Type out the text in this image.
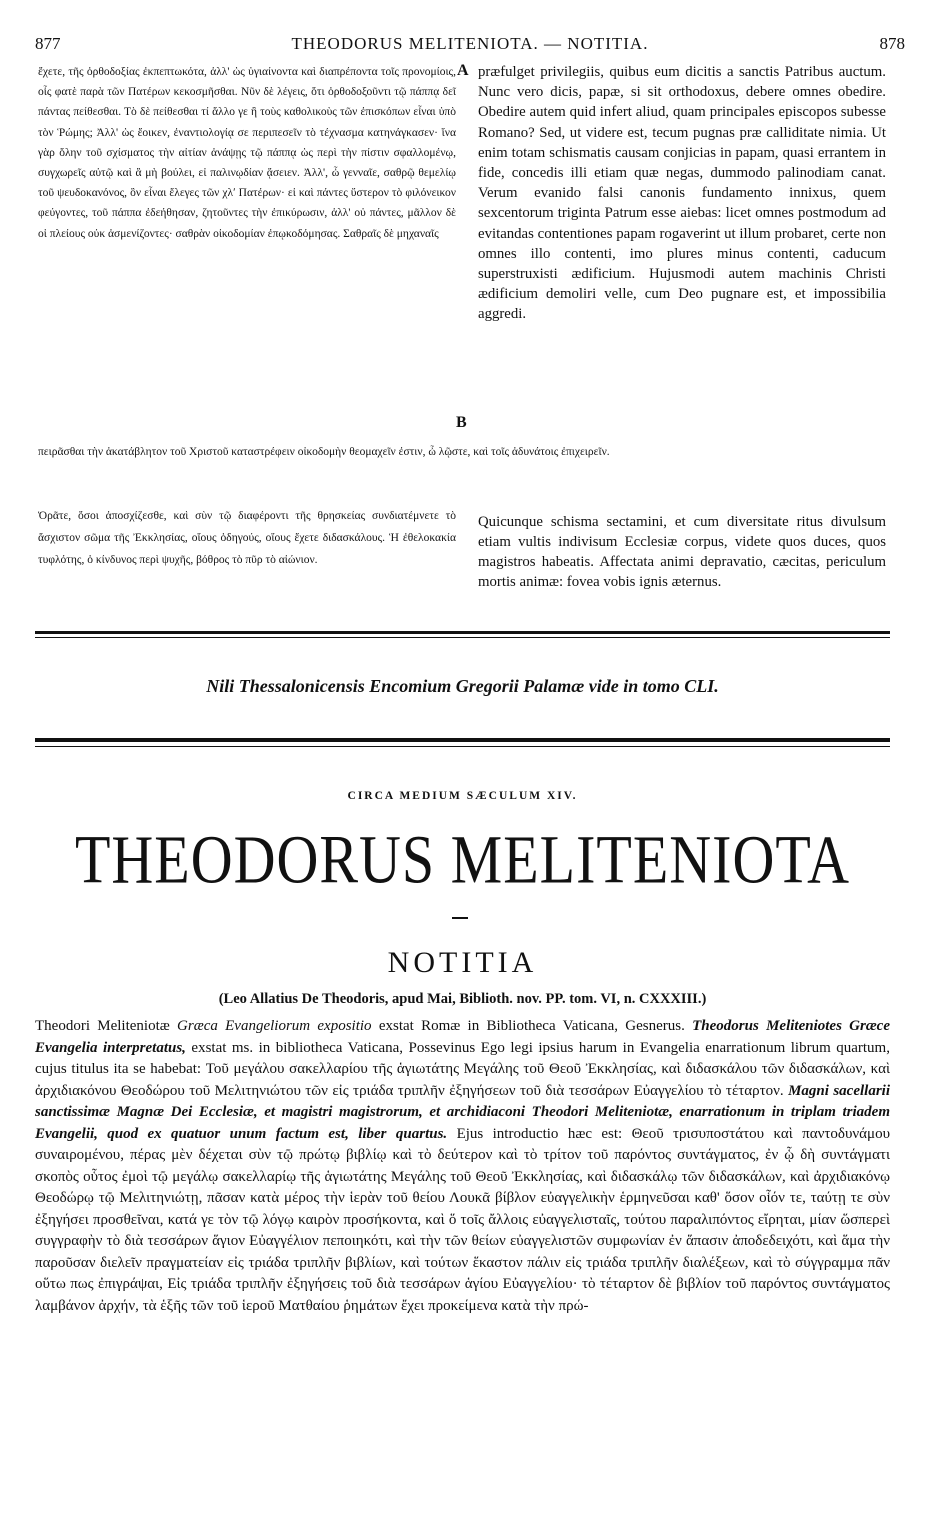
877	THEODORUS MELITENIOTA. — NOTITIA.	878

ἔχετε, τῆς ὀρθοδοξίας ἐκπεπτωκότα, ἀλλ' ὡς ὑγιαίνοντα καὶ διαπρέποντα τοῖς προνομίοις, οἷς φατὲ παρὰ τῶν Πατέρων κεκοσμῆσθαι. Νῦν δὲ λέγεις, ὅτι ὀρθοδοξοῦντι τῷ πάππᾳ δεῖ πάντας πείθεσθαι. Τὸ δὲ πείθεσθαι τί ἄλλο γε ἢ τοὺς καθολικοὺς τῶν ἐπισκόπων εἶναι ὑπὸ τὸν Ῥώμης; Ἀλλ' ὡς ἔοικεν, ἐναντιολογίᾳ σε περιπεσεῖν τὸ τέχνασμα κατηνάγκασεν· ἵνα γὰρ ὅλην τοῦ σχίσματος τὴν αἰτίαν ἀνάψῃς τῷ πάππᾳ ὡς περὶ τὴν πίστιν σφαλλομένῳ, συγχωρεῖς αὐτῷ καὶ ἃ μὴ βούλει, εἰ παλινῳδίαν ᾄσειεν. Ἀλλ', ὦ γενναῖε, σαθρῷ θεμελίῳ τοῦ ψευδοκανόνος, ὃν εἶναι ἔλεγες τῶν χλʹ Πατέρων· εἰ καὶ πάντες ὕστερον τὸ φιλόνεικον φεύγοντες, τοῦ πάππα ἐδεήθησαν, ζητοῦντες τὴν ἐπικύρωσιν, ἀλλ' οὐ πάντες, μᾶλλον δὲ οἱ πλείους οὐκ ἀσμενίζοντες· σαθρὰν οἰκοδομίαν ἐπῳκοδόμησας. Σαθραῖς δὲ μηχαναῖς

A præfulget privilegiis, quibus eum dicitis a sanctis Patribus auctum. Nunc vero dicis, papæ, si sit orthodoxus, debere omnes obedire. Obedire autem quid infert aliud, quam principales episcopos subesse Romano? Sed, ut videre est, tecum pugnas præ calliditate nimia. Ut enim totam schismatis causam conjicias in papam, quasi errantem in fide, concedis illi etiam quæ negas, dummodo palinodiam canat. Verum evanido falsi canonis fundamento innixus, quem sexcentorum triginta Patrum esse aiebas: licet omnes postmodum ad evitandas contentiones papam rogaverint ut illum probaret, certe non omnes illo contenti, imo plures minus contenti, caducum superstruxisti ædificium. Hujusmodi autem machinis Christi ædificium demoliri velle, cum Deo pugnare est, et impossibilia aggredi.

B
πειρᾶσθαι τὴν ἀκατάβλητον τοῦ Χριστοῦ καταστρέφειν οἰκοδομὴν θεομαχεῖν ἐστιν, ὦ λῷστε, καὶ τοῖς ἀδυνάτοις ἐπιχειρεῖν.

Ὁρᾶτε, ὅσοι ἀποσχίζεσθε, καὶ σὺν τῷ διαφέροντι τῆς θρησκείας συνδιατέμνετε τὸ ἄσχιστον σῶμα τῆς Ἐκκλησίας, οἵους ὁδηγούς, οἵους ἔχετε διδασκάλους. Ἡ ἐθελοκακία τυφλότης, ὁ κίνδυνος περὶ ψυχῆς, βόθρος τὸ πῦρ τὸ αἰώνιον.

Quicunque schisma sectamini, et cum diversitate ritus divulsum etiam vultis indivisum Ecclesiæ corpus, videte quos duces, quos magistros habeatis. Affectata animi depravatio, cæcitas, periculum mortis animæ: fovea vobis ignis æternus.

Nili Thessalonicensis Encomium Gregorii Palamæ vide in tomo CLI.
CIRCA MEDIUM SÆCULUM XIV.
THEODORUS MELITENIOTA
NOTITIA
(Leo Allatius De Theodoris, apud Mai, Biblioth. nov. PP. tom. VI, n. CXXXIII.)
Theodori Meliteniotæ Græca Evangeliorum expositio exstat Romæ in Bibliotheca Vaticana, Gesnerus. Theodorus Meliteniotes Græce Evangelia interpretatus, exstat ms. in bibliotheca Vaticana, Possevinus Ego legi ipsius harum in Evangelia enarrationum librum quartum, cujus titulus ita se habebat: Τοῦ μεγάλου σακελλαρίου τῆς ἁγιωτάτης Μεγάλης τοῦ Θεοῦ Ἐκκλησίας, καὶ διδασκάλου τῶν διδασκάλων, καὶ ἀρχιδιακόνου Θεοδώρου τοῦ Μελιτηνιώτου τῶν εἰς τριάδα τριπλῆν ἐξηγήσεων τοῦ διὰ τεσσάρων Εὐαγγελίου τὸ τέταρτον. Magni sacellarii sanctissimæ Magnæ Dei Ecclesiæ, et magistri magistrorum, et archidiaconi Theodori Meliteniotæ, enarrationum in triplam triadem Evangelii, quod ex quatuor unum factum est, liber quartus. Ejus introductio hæc est: Θεοῦ τρισυποστάτου καὶ παντοδυνάμου συναιρομένου, πέρας μὲν δέχεται σὺν τῷ πρώτῳ βιβλίῳ καὶ τὸ δεύτερον καὶ τὸ τρίτον τοῦ παρόντος συντάγματος, ἐν ᾧ δὴ συντάγματι σκοπὸς οὗτος ἐμοὶ τῷ μεγάλῳ σακελλαρίῳ τῆς ἁγιωτάτης Μεγάλης τοῦ Θεοῦ Ἐκκλησίας, καὶ διδασκάλῳ τῶν διδασκάλων, καὶ ἀρχιδιακόνῳ Θεοδώρῳ τῷ Μελιτηνιώτῃ, πᾶσαν κατὰ μέρος τὴν ἱερὰν τοῦ θείου Λουκᾶ βίβλον εὐαγγελικὴν ἑρμηνεῦσαι καθ' ὅσον οἷόν τε, ταύτῃ τε σὺν ἐξηγήσει προσθεῖναι, κατά γε τὸν τῷ λόγῳ καιρὸν προσήκοντα, καὶ ὅ τοῖς ἄλλοις εὐαγγελισταῖς, τούτου παραλιπόντος εἴρηται, μίαν ὥσπερεὶ συγγραφὴν τὸ διὰ τεσσάρων ἅγιον Εὐαγγέλιον πεποιηκότι, καὶ τὴν τῶν θείων εὐαγγελιστῶν συμφωνίαν ἐν ἅπασιν ἀποδεδειχότι, καὶ ἅμα τὴν παροῦσαν διελεῖν πραγματείαν εἰς τριάδα τριπλῆν βιβλίων, καὶ τούτων ἕκαστον πάλιν εἰς τριάδα τριπλῆν διαλέξεων, καὶ τὸ σύγγραμμα πᾶν οὕτω πως ἐπιγράψαι, Εἰς τριάδα τριπλῆν ἐξηγήσεις τοῦ διὰ τεσσάρων ἁγίου Εὐαγγελίου· τὸ τέταρτον δὲ βιβλίον τοῦ παρόντος συντάγματος λαμβάνον ἀρχήν, τὰ ἑξῆς τῶν τοῦ ἱεροῦ Ματθαίου ῥημάτων ἔχει προκείμενα κατὰ τὴν πρώ-
